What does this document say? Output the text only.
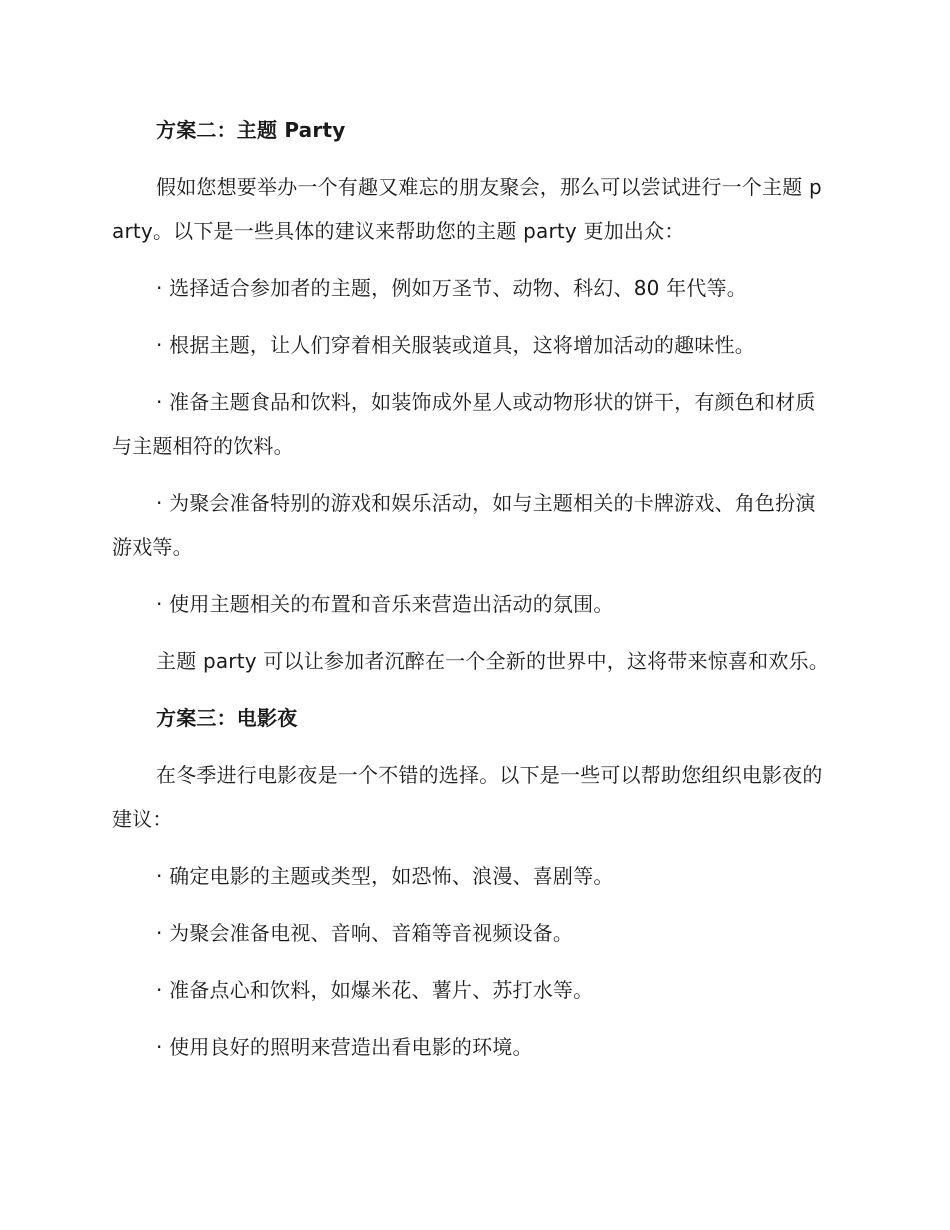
方案二：主题 Party

假如您想要举办一个有趣又难忘的朋友聚会，那么可以尝试进行一个主题 party。以下是一些具体的建议来帮助您的主题 party 更加出众：

· 选择适合参加者的主题，例如万圣节、动物、科幻、80 年代等。

· 根据主题，让人们穿着相关服装或道具，这将增加活动的趣味性。

· 准备主题食品和饮料，如装饰成外星人或动物形状的饼干，有颜色和材质与主题相符的饮料。

· 为聚会准备特别的游戏和娱乐活动，如与主题相关的卡牌游戏、角色扮演游戏等。

· 使用主题相关的布置和音乐来营造出活动的氛围。

主题 party 可以让参加者沉醉在一个全新的世界中，这将带来惊喜和欢乐。

方案三：电影夜

在冬季进行电影夜是一个不错的选择。以下是一些可以帮助您组织电影夜的建议：

· 确定电影的主题或类型，如恐怖、浪漫、喜剧等。

· 为聚会准备电视、音响、音箱等音视频设备。

· 准备点心和饮料，如爆米花、薯片、苏打水等。

· 使用良好的照明来营造出看电影的环境。
